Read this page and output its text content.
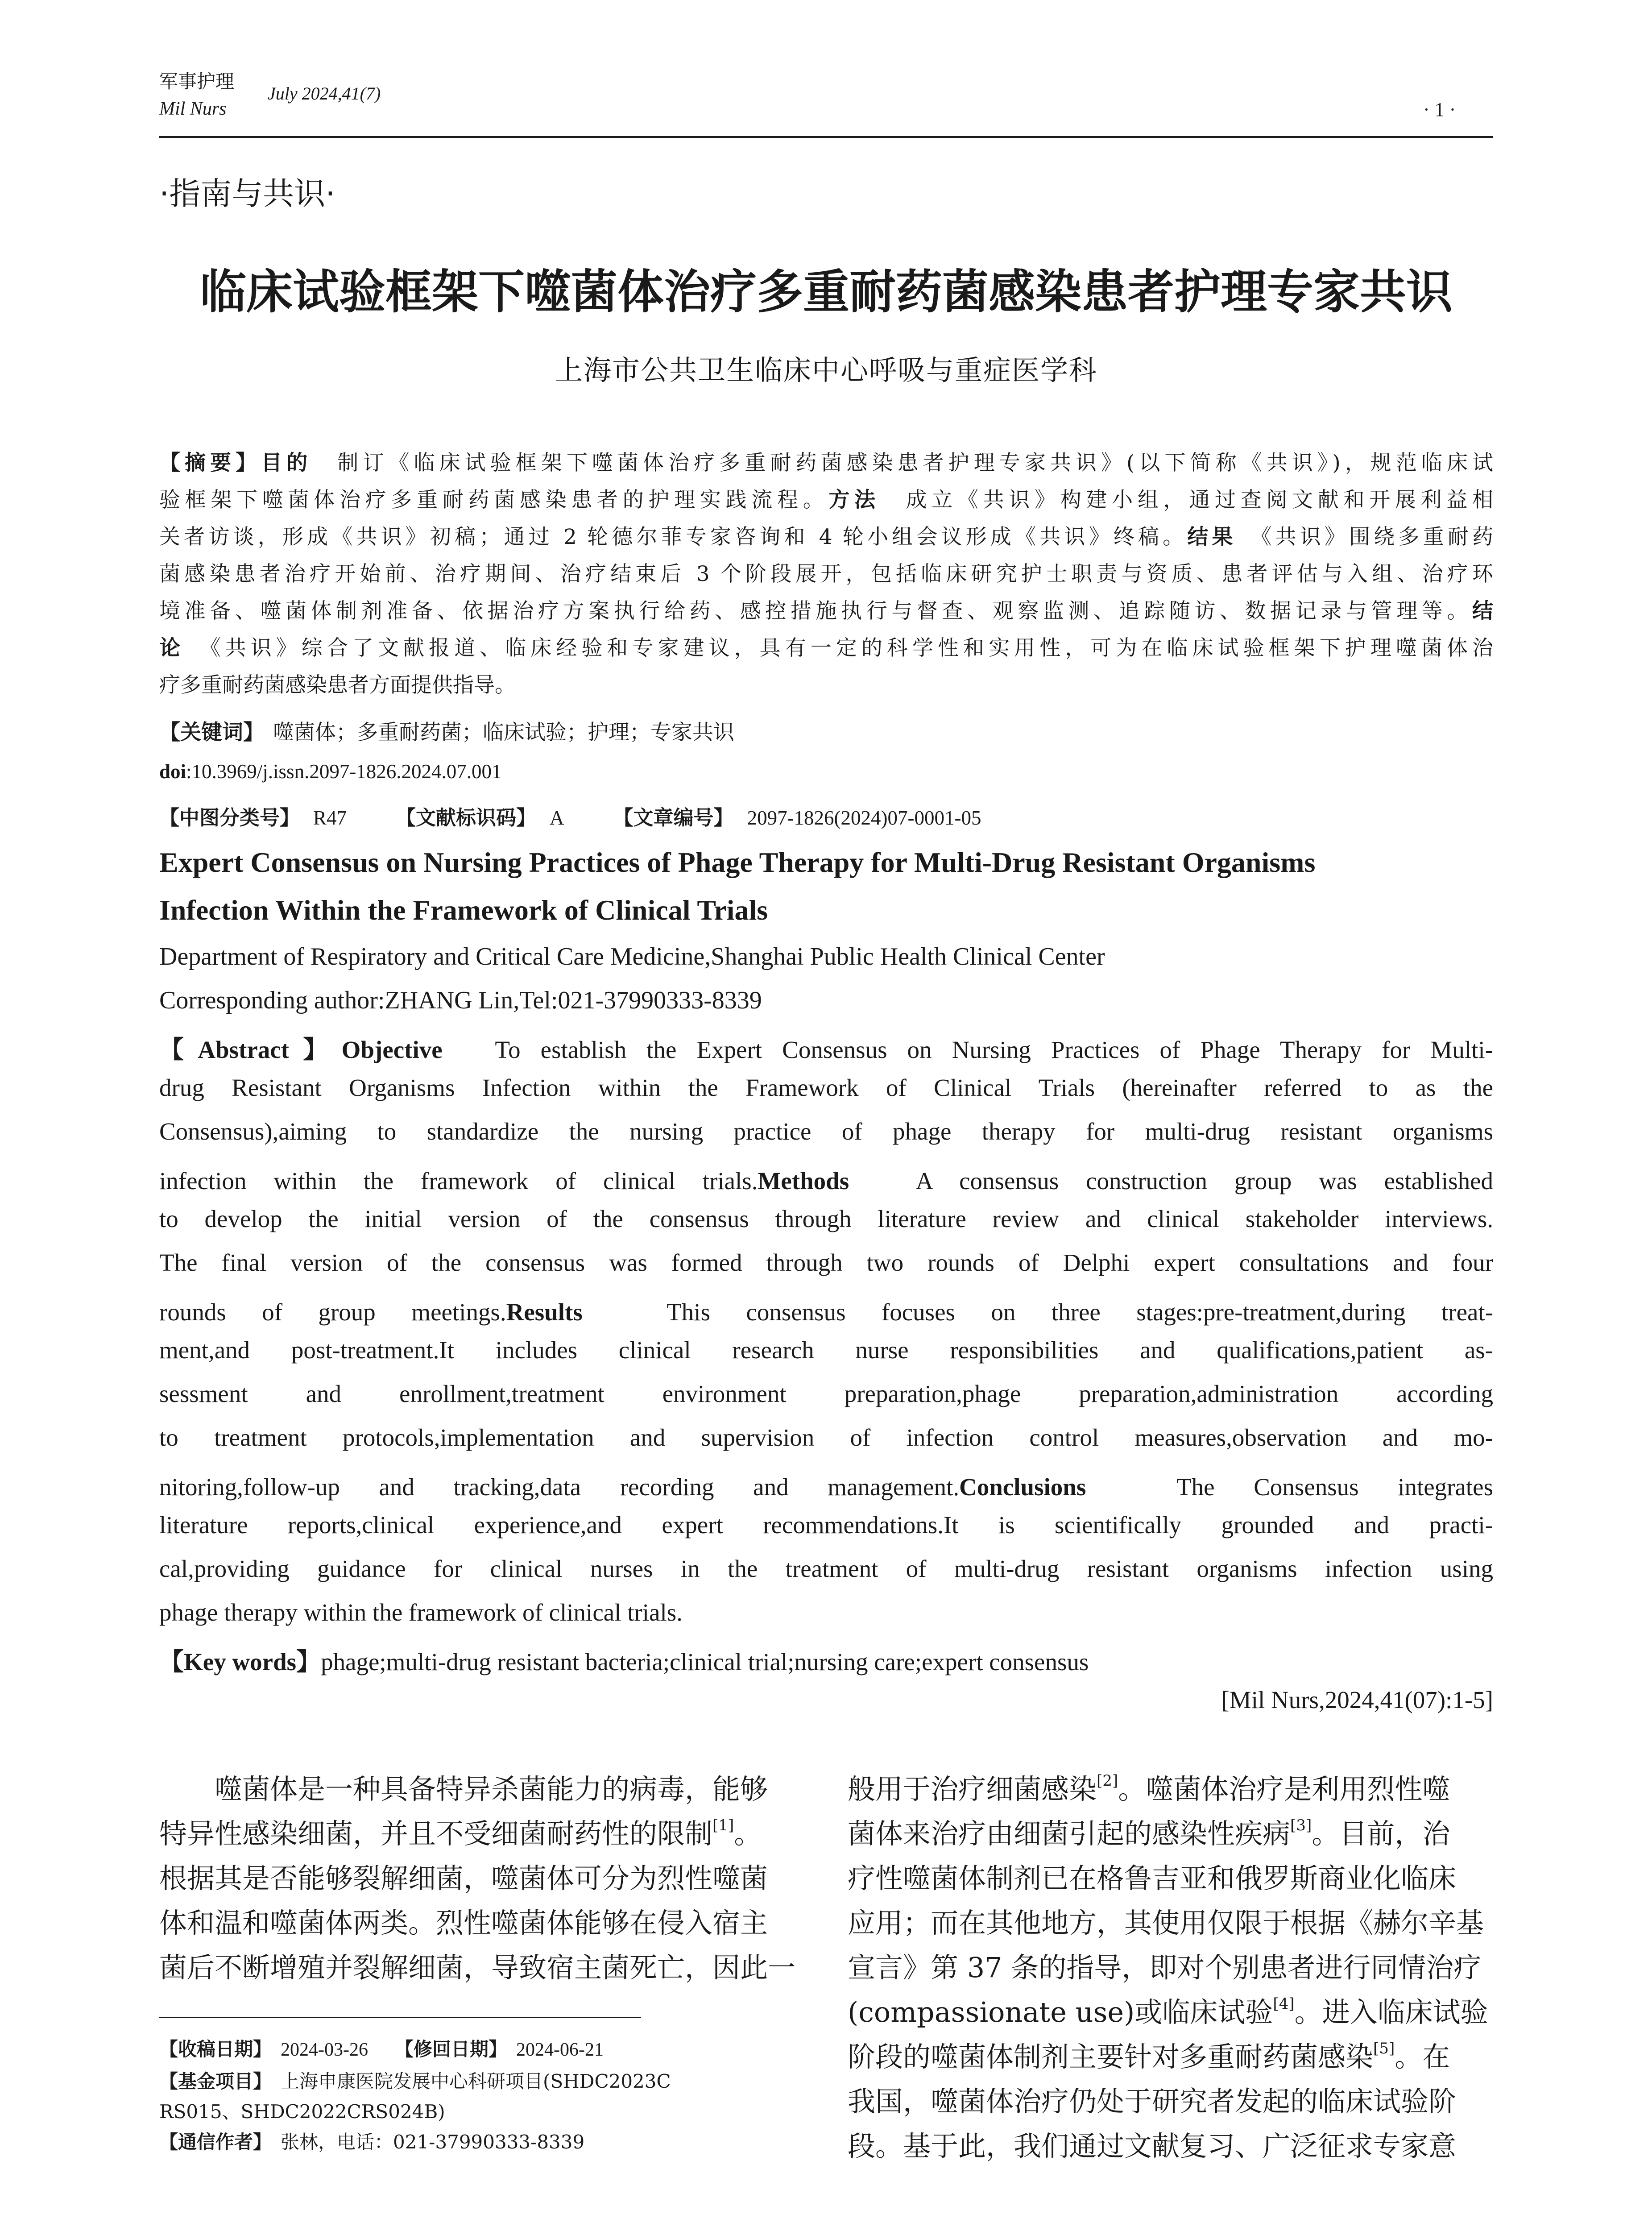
军事护理
Mil Nurs
July 2024,41(7)
· 1 ·
·指南与共识·
临床试验框架下噬菌体治疗多重耐药菌感染患者护理专家共识
上海市公共卫生临床中心呼吸与重症医学科
【摘要】目的　制订《临床试验框架下噬菌体治疗多重耐药菌感染患者护理专家共识》(以下简称《共识》)，规范临床试
验框架下噬菌体治疗多重耐药菌感染患者的护理实践流程。方法　成立《共识》构建小组，通过查阅文献和开展利益相
关者访谈，形成《共识》初稿；通过 2 轮德尔菲专家咨询和 4 轮小组会议形成《共识》终稿。结果　《共识》围绕多重耐药
菌感染患者治疗开始前、治疗期间、治疗结束后 3 个阶段展开，包括临床研究护士职责与资质、患者评估与入组、治疗环
境准备、噬菌体制剂准备、依据治疗方案执行给药、感控措施执行与督查、观察监测、追踪随访、数据记录与管理等。结
论　《共识》综合了文献报道、临床经验和专家建议，具有一定的科学性和实用性，可为在临床试验框架下护理噬菌体治
疗多重耐药菌感染患者方面提供指导。
【关键词】 噬菌体；多重耐药菌；临床试验；护理；专家共识
doi:10.3969/j.issn.2097-1826.2024.07.001
【中图分类号】 R47 【文献标识码】 A 【文章编号】 2097-1826(2024)07-0001-05
Expert Consensus on Nursing Practices of Phage Therapy for Multi-Drug Resistant Organisms
Infection Within the Framework of Clinical Trials
Department of Respiratory and Critical Care Medicine,Shanghai Public Health Clinical Center
Corresponding author:ZHANG Lin,Tel:021-37990333-8339
【Abstract】Objective　To establish the Expert Consensus on Nursing Practices of Phage Therapy for Multi-
drug Resistant Organisms Infection within the Framework of Clinical Trials (hereinafter referred to as the
Consensus),aiming to standardize the nursing practice of phage therapy for multi-drug resistant organisms
infection within the framework of clinical trials.Methods　A consensus construction group was established
to develop the initial version of the consensus through literature review and clinical stakeholder interviews.
The final version of the consensus was formed through two rounds of Delphi expert consultations and four
rounds of group meetings.Results　This consensus focuses on three stages:pre-treatment,during treat-
ment,and post-treatment.It includes clinical research nurse responsibilities and qualifications,patient as-
sessment and enrollment,treatment environment preparation,phage preparation,administration according
to treatment protocols,implementation and supervision of infection control measures,observation and mo-
nitoring,follow-up and tracking,data recording and management.Conclusions　The Consensus integrates
literature reports,clinical experience,and expert recommendations.It is scientifically grounded and practi-
cal,providing guidance for clinical nurses in the treatment of multi-drug resistant organisms infection using
phage therapy within the framework of clinical trials.
【Key words】phage;multi-drug resistant bacteria;clinical trial;nursing care;expert consensus
[Mil Nurs,2024,41(07):1-5]
　　噬菌体是一种具备特异杀菌能力的病毒，能够
特异性感染细菌，并且不受细菌耐药性的限制[1]。
根据其是否能够裂解细菌，噬菌体可分为烈性噬菌
体和温和噬菌体两类。烈性噬菌体能够在侵入宿主
菌后不断增殖并裂解细菌，导致宿主菌死亡，因此一
【收稿日期】 2024-03-26 【修回日期】 2024-06-21
【基金项目】 上海申康医院发展中心科研项目(SHDC2023C
RS015、SHDC2022CRS024B)
【通信作者】 张林，电话：021-37990333-8339
般用于治疗细菌感染[2]。噬菌体治疗是利用烈性噬
菌体来治疗由细菌引起的感染性疾病[3]。目前，治
疗性噬菌体制剂已在格鲁吉亚和俄罗斯商业化临床
应用；而在其他地方，其使用仅限于根据《赫尔辛基
宣言》第 37 条的指导，即对个别患者进行同情治疗
(compassionate use)或临床试验[4]。进入临床试验
阶段的噬菌体制剂主要针对多重耐药菌感染[5]。在
我国，噬菌体治疗仍处于研究者发起的临床试验阶
段。基于此，我们通过文献复习、广泛征求专家意
